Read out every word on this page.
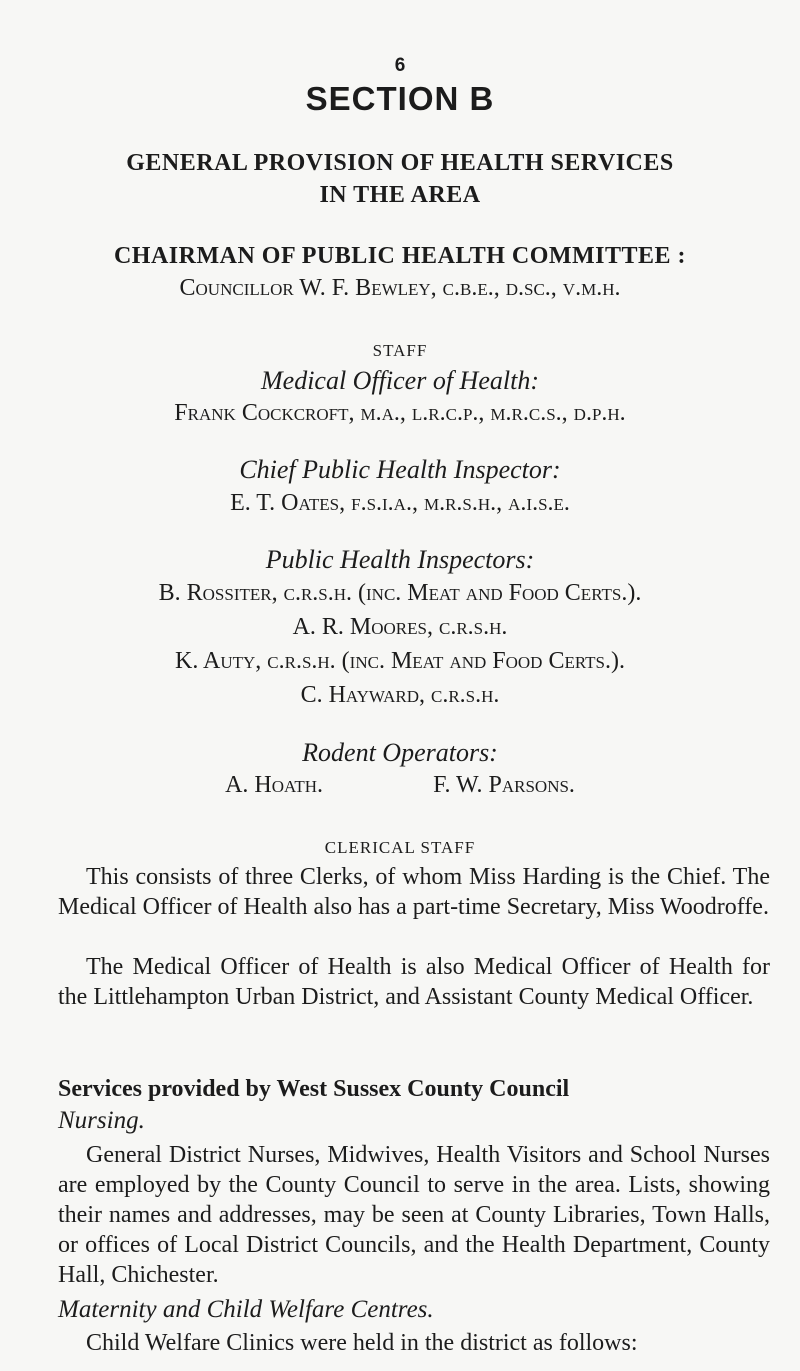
6
SECTION B
GENERAL PROVISION OF HEALTH SERVICES
IN THE AREA
CHAIRMAN OF PUBLIC HEALTH COMMITTEE :
Councillor W. F. Bewley, c.b.e., d.sc., v.m.h.
STAFF
Medical Officer of Health:
Frank Cockcroft, m.a., l.r.c.p., m.r.c.s., d.p.h.
Chief Public Health Inspector:
E. T. Oates, f.s.i.a., m.r.s.h., a.i.s.e.
Public Health Inspectors:
B. Rossiter, c.r.s.h. (inc. Meat and Food Certs.).
A. R. Moores, c.r.s.h.
K. Auty, c.r.s.h. (inc. Meat and Food Certs.).
C. Hayward, c.r.s.h.
Rodent Operators:
A. Hoath.	F. W. Parsons.
CLERICAL STAFF
This consists of three Clerks, of whom Miss Harding is the Chief. The Medical Officer of Health also has a part-time Secretary, Miss Woodroffe.
The Medical Officer of Health is also Medical Officer of Health for the Littlehampton Urban District, and Assistant County Medical Officer.
Services provided by West Sussex County Council
Nursing.
General District Nurses, Midwives, Health Visitors and School Nurses are employed by the County Council to serve in the area. Lists, showing their names and addresses, may be seen at County Libraries, Town Halls, or offices of Local District Councils, and the Health Department, County Hall, Chichester.
Maternity and Child Welfare Centres.
Child Welfare Clinics were held in the district as follows:
